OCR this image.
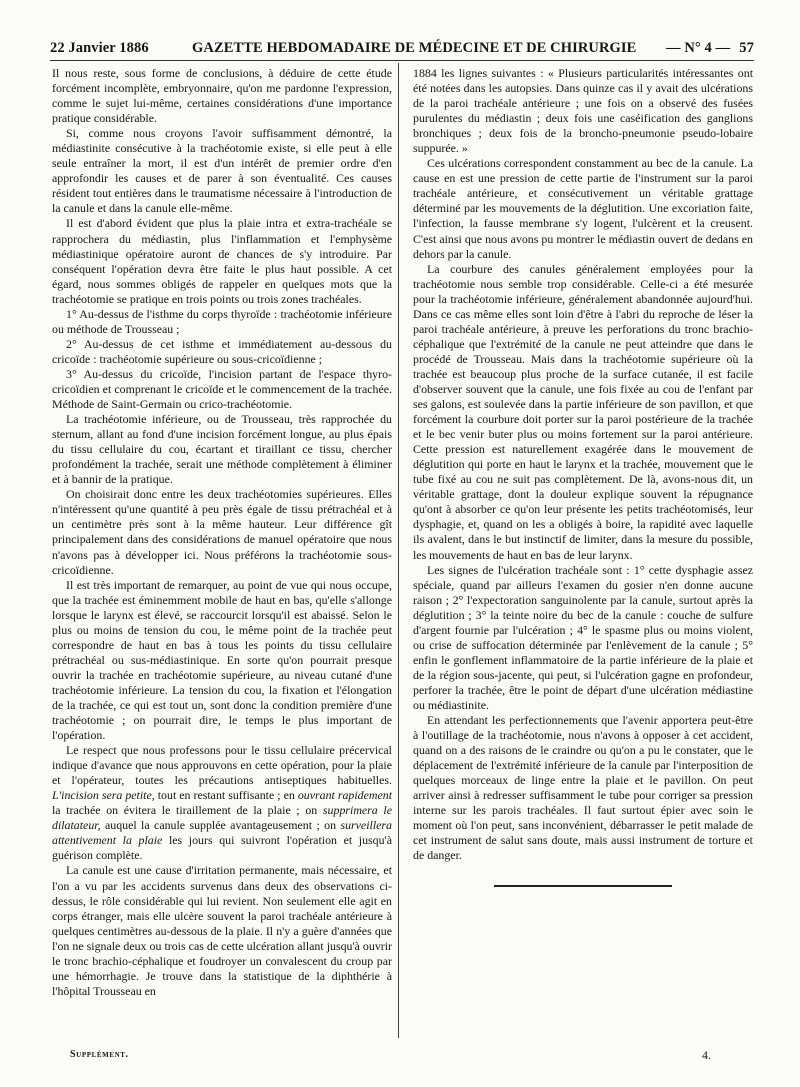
22 Janvier 1886	GAZETTE HEBDOMADAIRE DE MÉDECINE ET DE CHIRURGIE — N° 4 — 57

Il nous reste, sous forme de conclusions, à déduire de cette étude forcément incomplète, embryonnaire, qu'on me pardonne l'expression, comme le sujet lui-même, certaines considérations d'une importance pratique considérable.

Si, comme nous croyons l'avoir suffisamment démontré, la médiastinite consécutive à la trachéotomie existe, si elle peut à elle seule entraîner la mort, il est d'un intérêt de premier ordre d'en approfondir les causes et de parer à son éventualité. Ces causes résident tout entières dans le traumatisme nécessaire à l'introduction de la canule et dans la canule elle-même.

Il est d'abord évident que plus la plaie intra et extra-trachéale se rapprochera du médiastin, plus l'inflammation et l'emphysème médiastinique opératoire auront de chances de s'y introduire. Par conséquent l'opération devra être faite le plus haut possible. A cet égard, nous sommes obligés de rappeler en quelques mots que la trachéotomie se pratique en trois points ou trois zones trachéales.

1° Au-dessus de l'isthme du corps thyroïde : trachéotomie inférieure ou méthode de Trousseau ;

2° Au-dessus de cet isthme et immédiatement au-dessous du cricoïde : trachéotomie supérieure ou sous-cricoïdienne ;

3° Au-dessus du cricoïde, l'incision partant de l'espace thyro-cricoïdien et comprenant le cricoïde et le commencement de la trachée. Méthode de Saint-Germain ou crico-trachéotomie.

La trachéotomie inférieure, ou de Trousseau, très rapprochée du sternum, allant au fond d'une incision forcément longue, au plus épais du tissu cellulaire du cou, écartant et tiraillant ce tissu, chercher profondément la trachée, serait une méthode complètement à éliminer et à bannir de la pratique.

On choisirait donc entre les deux trachéotomies supérieures. Elles n'intéressent qu'une quantité à peu près égale de tissu prétrachéal et à un centimètre près sont à la même hauteur. Leur différence gît principalement dans des considérations de manuel opératoire que nous n'avons pas à développer ici. Nous préférons la trachéotomie sous-cricoïdienne.

Il est très important de remarquer, au point de vue qui nous occupe, que la trachée est éminemment mobile de haut en bas, qu'elle s'allonge lorsque le larynx est élevé, se raccourcit lorsqu'il est abaissé. Selon le plus ou moins de tension du cou, le même point de la trachée peut correspondre de haut en bas à tous les points du tissu cellulaire prétrachéal ou sus-médiastinique. En sorte qu'on pourrait presque ouvrir la trachée en trachéotomie supérieure, au niveau cutané d'une trachéotomie inférieure. La tension du cou, la fixation et l'élongation de la trachée, ce qui est tout un, sont donc la condition première d'une trachéotomie ; on pourrait dire, le temps le plus important de l'opération.

Le respect que nous professons pour le tissu cellulaire précervical indique d'avance que nous approuvons en cette opération, pour la plaie et l'opérateur, toutes les précautions antiseptiques habituelles. L'incision sera petite, tout en restant suffisante ; en ouvrant rapidement la trachée on évitera le tiraillement de la plaie ; on supprimera le dilatateur, auquel la canule supplée avantageusement ; on surveillera attentivement la plaie les jours qui suivront l'opération et jusqu'à guérison complète.

La canule est une cause d'irritation permanente, mais nécessaire, et l'on a vu par les accidents survenus dans deux des observations ci-dessus, le rôle considérable qui lui revient. Non seulement elle agit en corps étranger, mais elle ulcère souvent la paroi trachéale antérieure à quelques centimètres au-dessous de la plaie. Il n'y a guère d'années que l'on ne signale deux ou trois cas de cette ulcération allant jusqu'à ouvrir le tronc brachio-céphalique et foudroyer un convalescent du croup par une hémorrhagie. Je trouve dans la statistique de la diphthérie à l'hôpital Trousseau en

1884 les lignes suivantes : « Plusieurs particularités intéressantes ont été notées dans les autopsies. Dans quinze cas il y avait des ulcérations de la paroi trachéale antérieure ; une fois on a observé des fusées purulentes du médiastin ; deux fois une caséification des ganglions bronchiques ; deux fois de la broncho-pneumonie pseudo-lobaire suppurée. »

Ces ulcérations correspondent constamment au bec de la canule. La cause en est une pression de cette partie de l'instrument sur la paroi trachéale antérieure, et consécutivement un véritable grattage déterminé par les mouvements de la déglutition. Une excoriation faite, l'infection, la fausse membrane s'y logent, l'ulcèrent et la creusent. C'est ainsi que nous avons pu montrer le médiastin ouvert de dedans en dehors par la canule.

La courbure des canules généralement employées pour la trachéotomie nous semble trop considérable. Celle-ci a été mesurée pour la trachéotomie inférieure, généralement abandonnée aujourd'hui. Dans ce cas même elles sont loin d'être à l'abri du reproche de léser la paroi trachéale antérieure, à preuve les perforations du tronc brachio-céphalique que l'extrémité de la canule ne peut atteindre que dans le procédé de Trousseau. Mais dans la trachéotomie supérieure où la trachée est beaucoup plus proche de la surface cutanée, il est facile d'observer souvent que la canule, une fois fixée au cou de l'enfant par ses galons, est soulevée dans la partie inférieure de son pavillon, et que forcément la courbure doit porter sur la paroi postérieure de la trachée et le bec venir buter plus ou moins fortement sur la paroi antérieure. Cette pression est naturellement exagérée dans le mouvement de déglutition qui porte en haut le larynx et la trachée, mouvement que le tube fixé au cou ne suit pas complètement. De là, avons-nous dit, un véritable grattage, dont la douleur explique souvent la répugnance qu'ont à absorber ce qu'on leur présente les petits trachéotomisés, leur dysphagie, et, quand on les a obligés à boire, la rapidité avec laquelle ils avalent, dans le but instinctif de limiter, dans la mesure du possible, les mouvements de haut en bas de leur larynx.

Les signes de l'ulcération trachéale sont : 1° cette dysphagie assez spéciale, quand par ailleurs l'examen du gosier n'en donne aucune raison ; 2° l'expectoration sanguinolente par la canule, surtout après la déglutition ; 3° la teinte noire du bec de la canule : couche de sulfure d'argent fournie par l'ulcération ; 4° le spasme plus ou moins violent, ou crise de suffocation déterminée par l'enlèvement de la canule ; 5° enfin le gonflement inflammatoire de la partie inférieure de la plaie et de la région sous-jacente, qui peut, si l'ulcération gagne en profondeur, perforer la trachée, être le point de départ d'une ulcération médiastine ou médiastinite.

En attendant les perfectionnements que l'avenir apportera peut-être à l'outillage de la trachéotomie, nous n'avons à opposer à cet accident, quand on a des raisons de le craindre ou qu'on a pu le constater, que le déplacement de l'extrémité inférieure de la canule par l'interposition de quelques morceaux de linge entre la plaie et le pavillon. On peut arriver ainsi à redresser suffisamment le tube pour corriger sa pression interne sur les parois trachéales. Il faut surtout épier avec soin le moment où l'on peut, sans inconvénient, débarrasser le petit malade de cet instrument de salut sans doute, mais aussi instrument de torture et de danger.

Supplément.	4.
